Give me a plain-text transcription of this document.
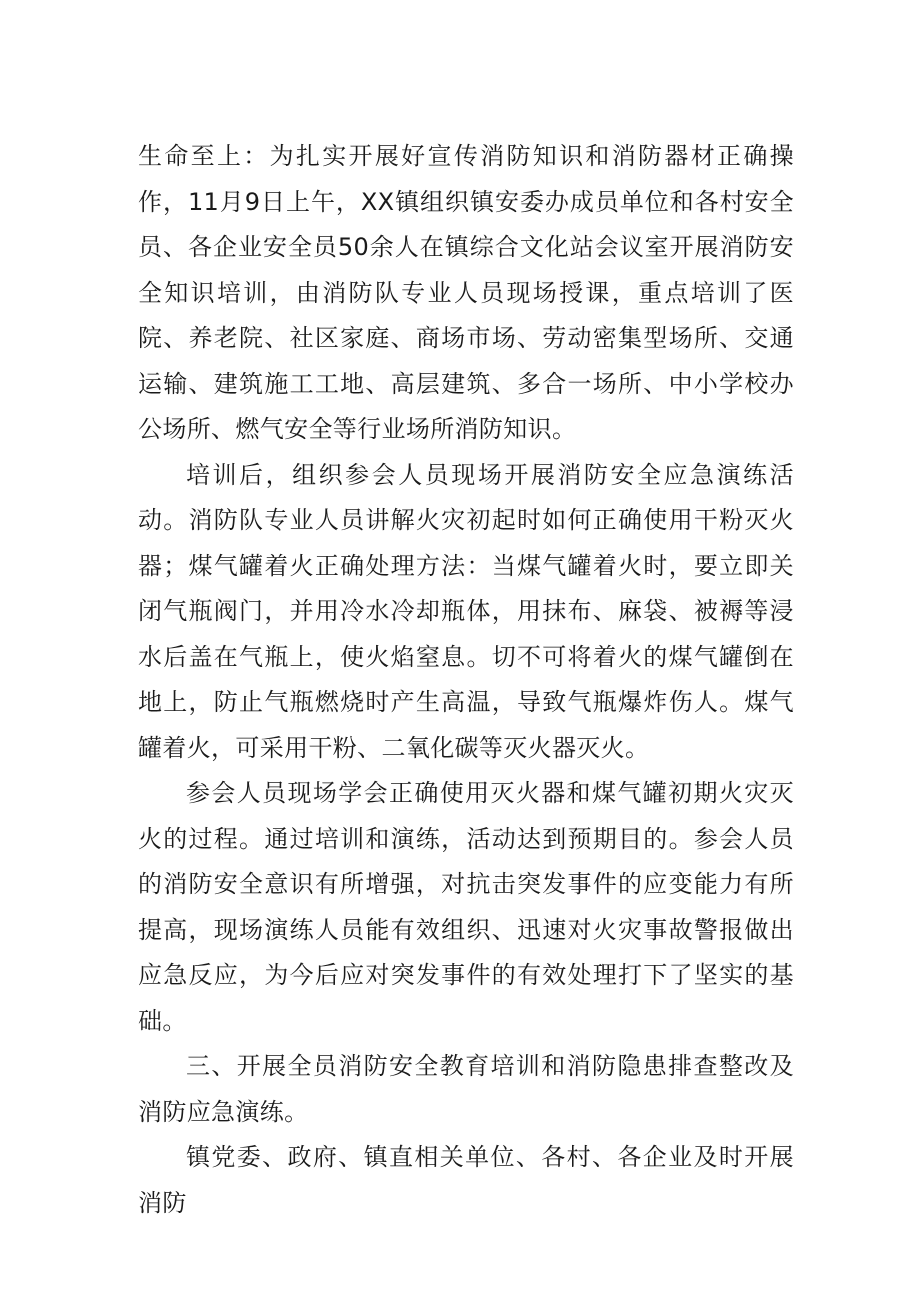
生命至上：为扎实开展好宣传消防知识和消防器材正确操作，11月9日上午，XX镇组织镇安委办成员单位和各村安全员、各企业安全员50余人在镇综合文化站会议室开展消防安全知识培训，由消防队专业人员现场授课，重点培训了医院、养老院、社区家庭、商场市场、劳动密集型场所、交通运输、建筑施工工地、高层建筑、多合一场所、中小学校办公场所、燃气安全等行业场所消防知识。

培训后，组织参会人员现场开展消防安全应急演练活动。消防队专业人员讲解火灾初起时如何正确使用干粉灭火器；煤气罐着火正确处理方法：当煤气罐着火时，要立即关闭气瓶阀门，并用冷水冷却瓶体，用抹布、麻袋、被褥等浸水后盖在气瓶上，使火焰窒息。切不可将着火的煤气罐倒在地上，防止气瓶燃烧时产生高温，导致气瓶爆炸伤人。煤气罐着火，可采用干粉、二氧化碳等灭火器灭火。

参会人员现场学会正确使用灭火器和煤气罐初期火灾灭火的过程。通过培训和演练，活动达到预期目的。参会人员的消防安全意识有所增强，对抗击突发事件的应变能力有所提高，现场演练人员能有效组织、迅速对火灾事故警报做出应急反应，为今后应对突发事件的有效处理打下了坚实的基础。

三、开展全员消防安全教育培训和消防隐患排查整改及消防应急演练。

镇党委、政府、镇直相关单位、各村、各企业及时开展消防
